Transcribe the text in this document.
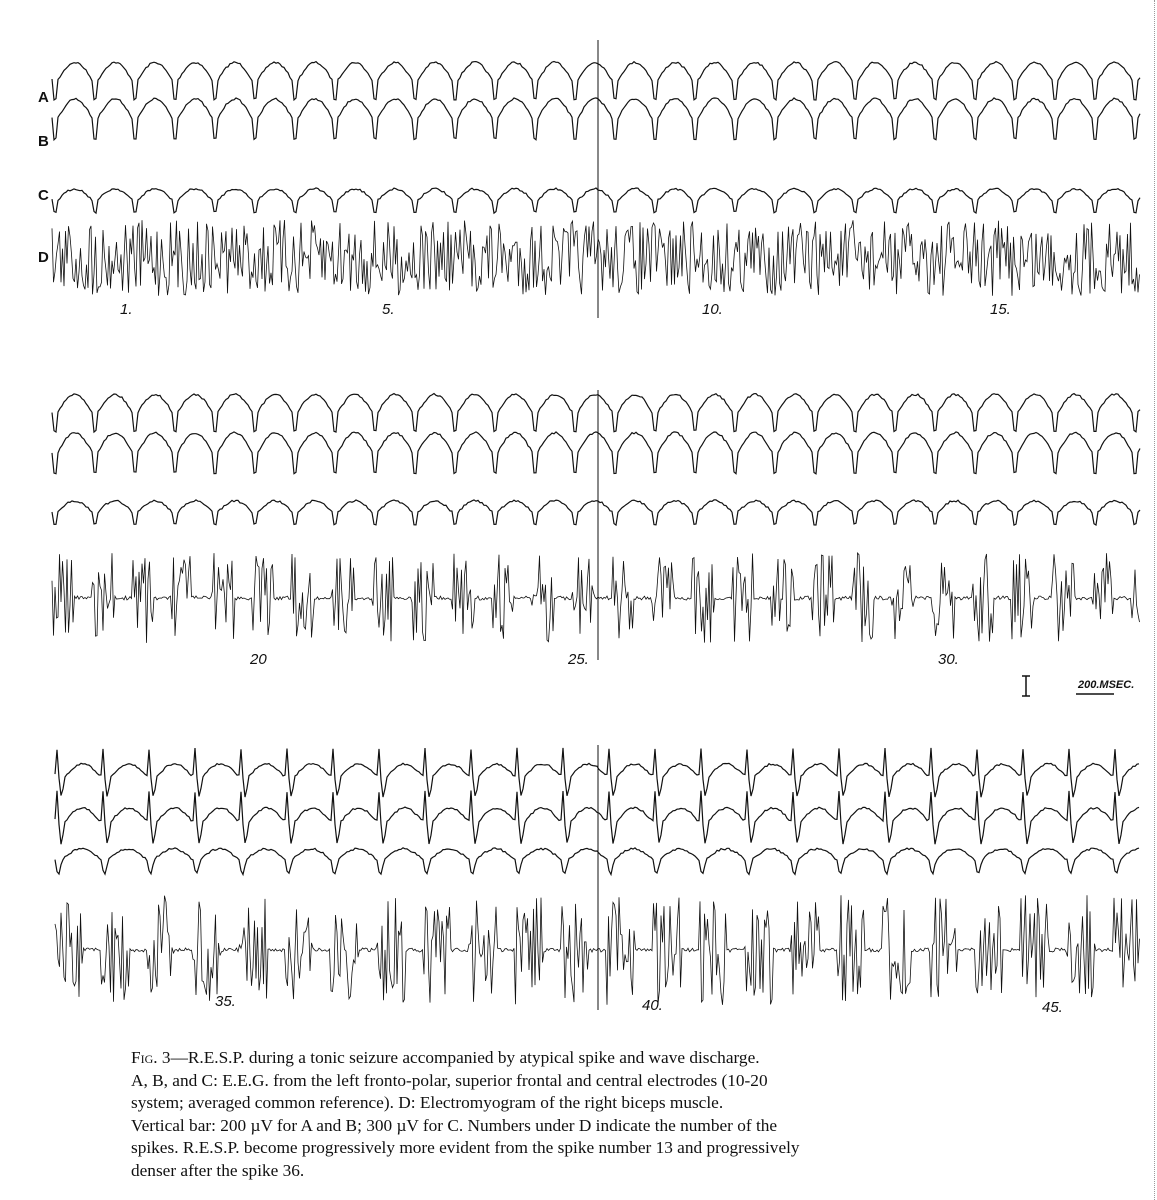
A
B
C
D
1.	5.	10.	15.
20	25.	30.
35.	40.	45.
200.MSEC.
Fig. 3—R.E.S.P. during a tonic seizure accompanied by atypical spike and wave discharge.
A, B, and C: E.E.G. from the left fronto-polar, superior frontal and central electrodes (10-20
system; averaged common reference). D: Electromyogram of the right biceps muscle.
Vertical bar: 200 µV for A and B; 300 µV for C. Numbers under D indicate the number of the
spikes. R.E.S.P. become progressively more evident from the spike number 13 and progressively
denser after the spike 36.
